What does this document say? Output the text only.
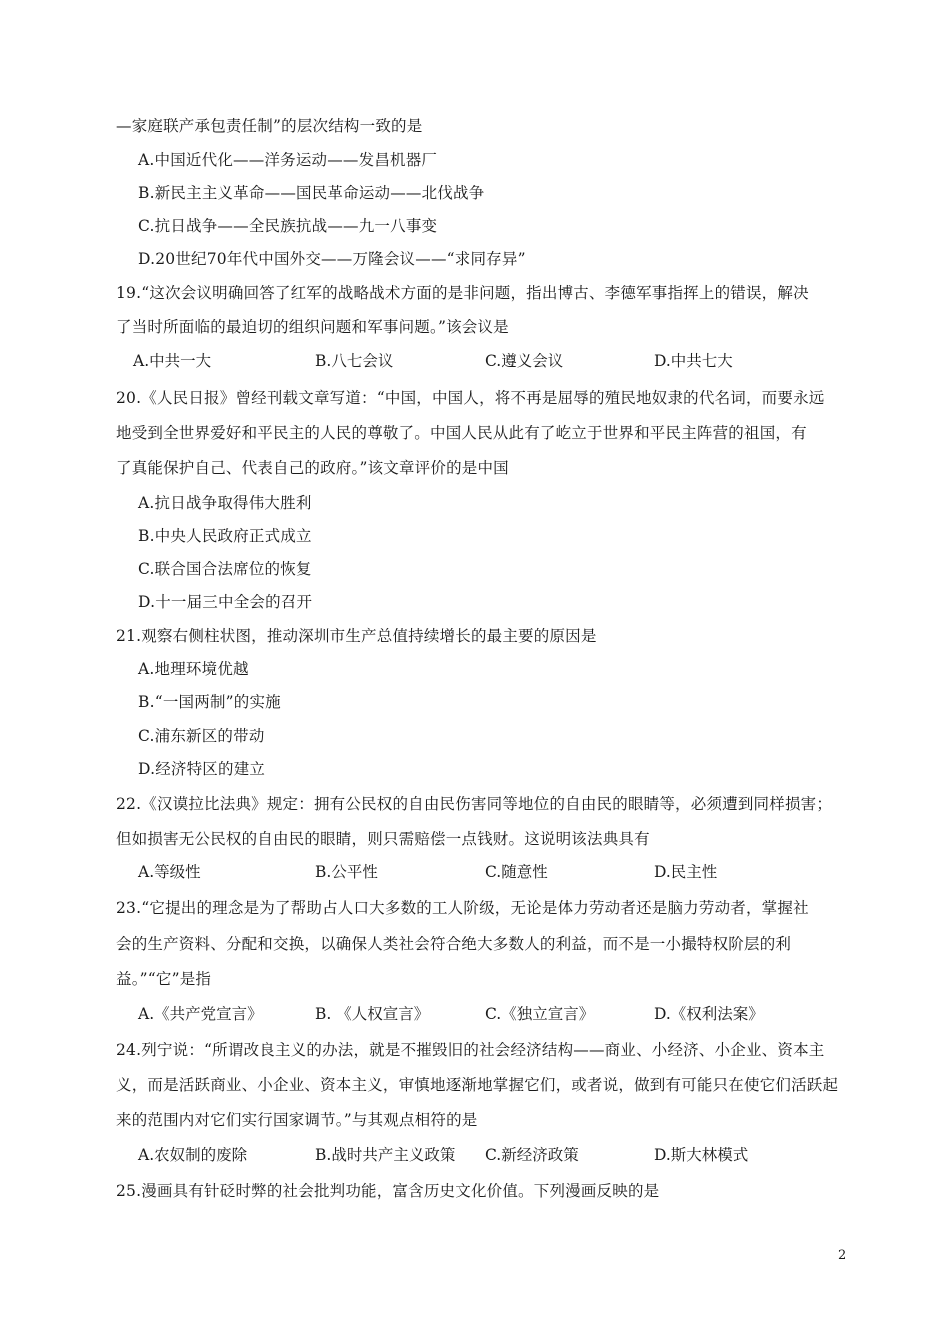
—家庭联产承包责任制”的层次结构一致的是
A.中国近代化——洋务运动——发昌机器厂
B.新民主主义革命——国民革命运动——北伐战争
C.抗日战争——全民族抗战——九一八事变
D.20世纪70年代中国外交——万隆会议——“求同存异”
19.“这次会议明确回答了红军的战略战术方面的是非问题，指出博古、李德军事指挥上的错误，解决
了当时所面临的最迫切的组织问题和军事问题。”该会议是
A.中共一大	B.八七会议	C.遵义会议	D.中共七大
20.《人民日报》曾经刊载文章写道：“中国，中国人，将不再是屈辱的殖民地奴隶的代名词，而要永远
地受到全世界爱好和平民主的人民的尊敬了。中国人民从此有了屹立于世界和平民主阵营的祖国，有
了真能保护自己、代表自己的政府。”该文章评价的是中国
A.抗日战争取得伟大胜利
B.中央人民政府正式成立
C.联合国合法席位的恢复
D.十一届三中全会的召开
21.观察右侧柱状图，推动深圳市生产总值持续增长的最主要的原因是
A.地理环境优越
B.“一国两制”的实施
C.浦东新区的带动
D.经济特区的建立
22.《汉谟拉比法典》规定：拥有公民权的自由民伤害同等地位的自由民的眼睛等，必须遭到同样损害；
但如损害无公民权的自由民的眼睛，则只需赔偿一点钱财。这说明该法典具有
A.等级性	B.公平性	C.随意性	D.民主性
23.“它提出的理念是为了帮助占人口大多数的工人阶级，无论是体力劳动者还是脑力劳动者，掌握社
会的生产资料、分配和交换，以确保人类社会符合绝大多数人的利益，而不是一小撮特权阶层的利
益。”“它”是指
A.《共产党宣言》	B. 《人权宣言》	C.《独立宣言》	D.《权利法案》
24.列宁说：“所谓改良主义的办法，就是不摧毁旧的社会经济结构——商业、小经济、小企业、资本主
义，而是活跃商业、小企业、资本主义，审慎地逐渐地掌握它们，或者说，做到有可能只在使它们活跃起
来的范围内对它们实行国家调节。”与其观点相符的是
A.农奴制的废除	B.战时共产主义政策 C.新经济政策	D.斯大林模式
25.漫画具有针砭时弊的社会批判功能，富含历史文化价值。下列漫画反映的是
2
